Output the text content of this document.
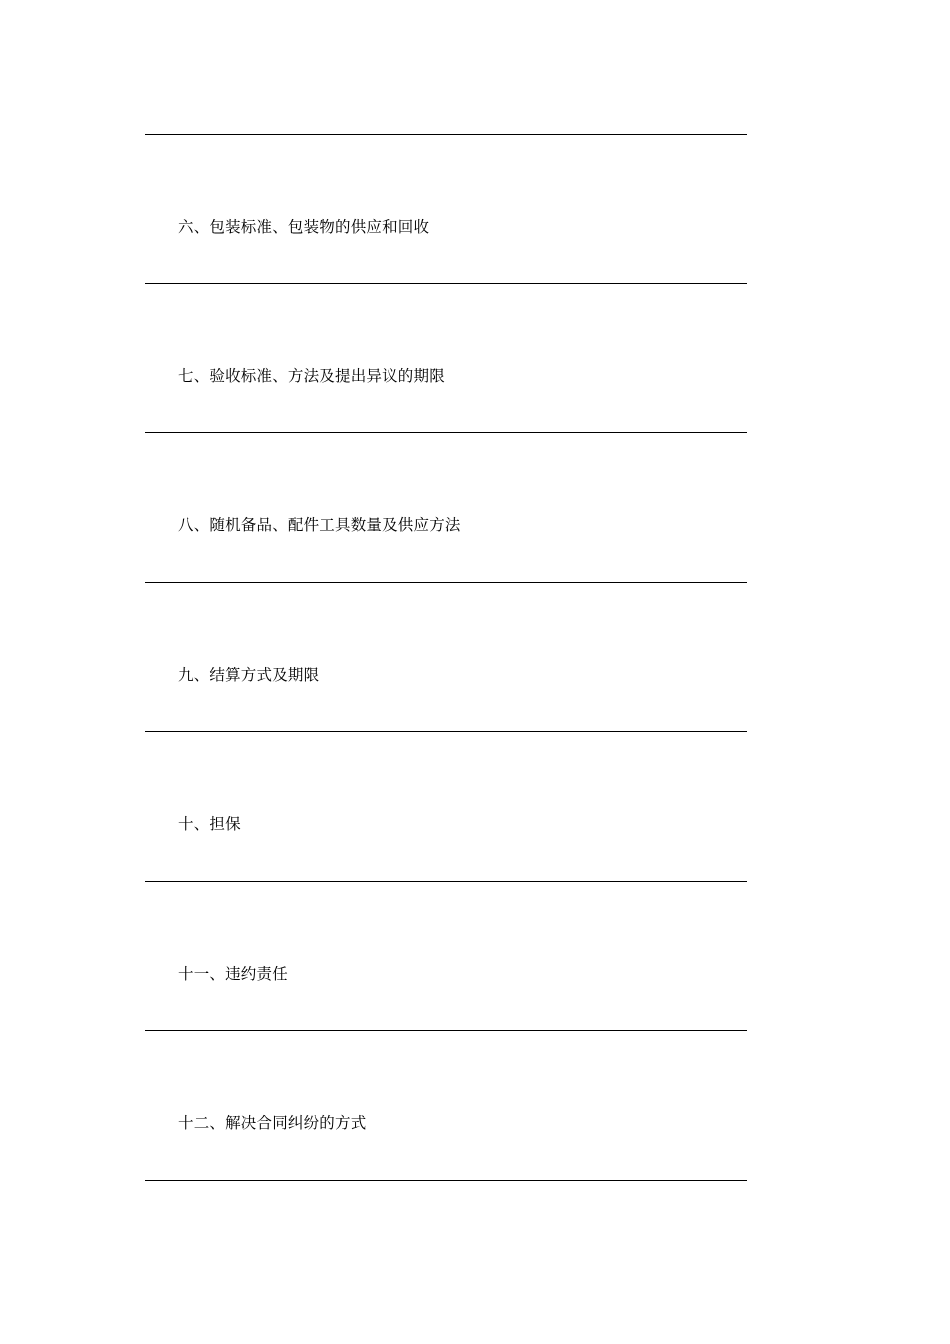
六、包装标准、包装物的供应和回收
七、验收标准、方法及提出异议的期限
八、随机备品、配件工具数量及供应方法
九、结算方式及期限
十、担保
十一、违约责任
十二、解决合同纠纷的方式
